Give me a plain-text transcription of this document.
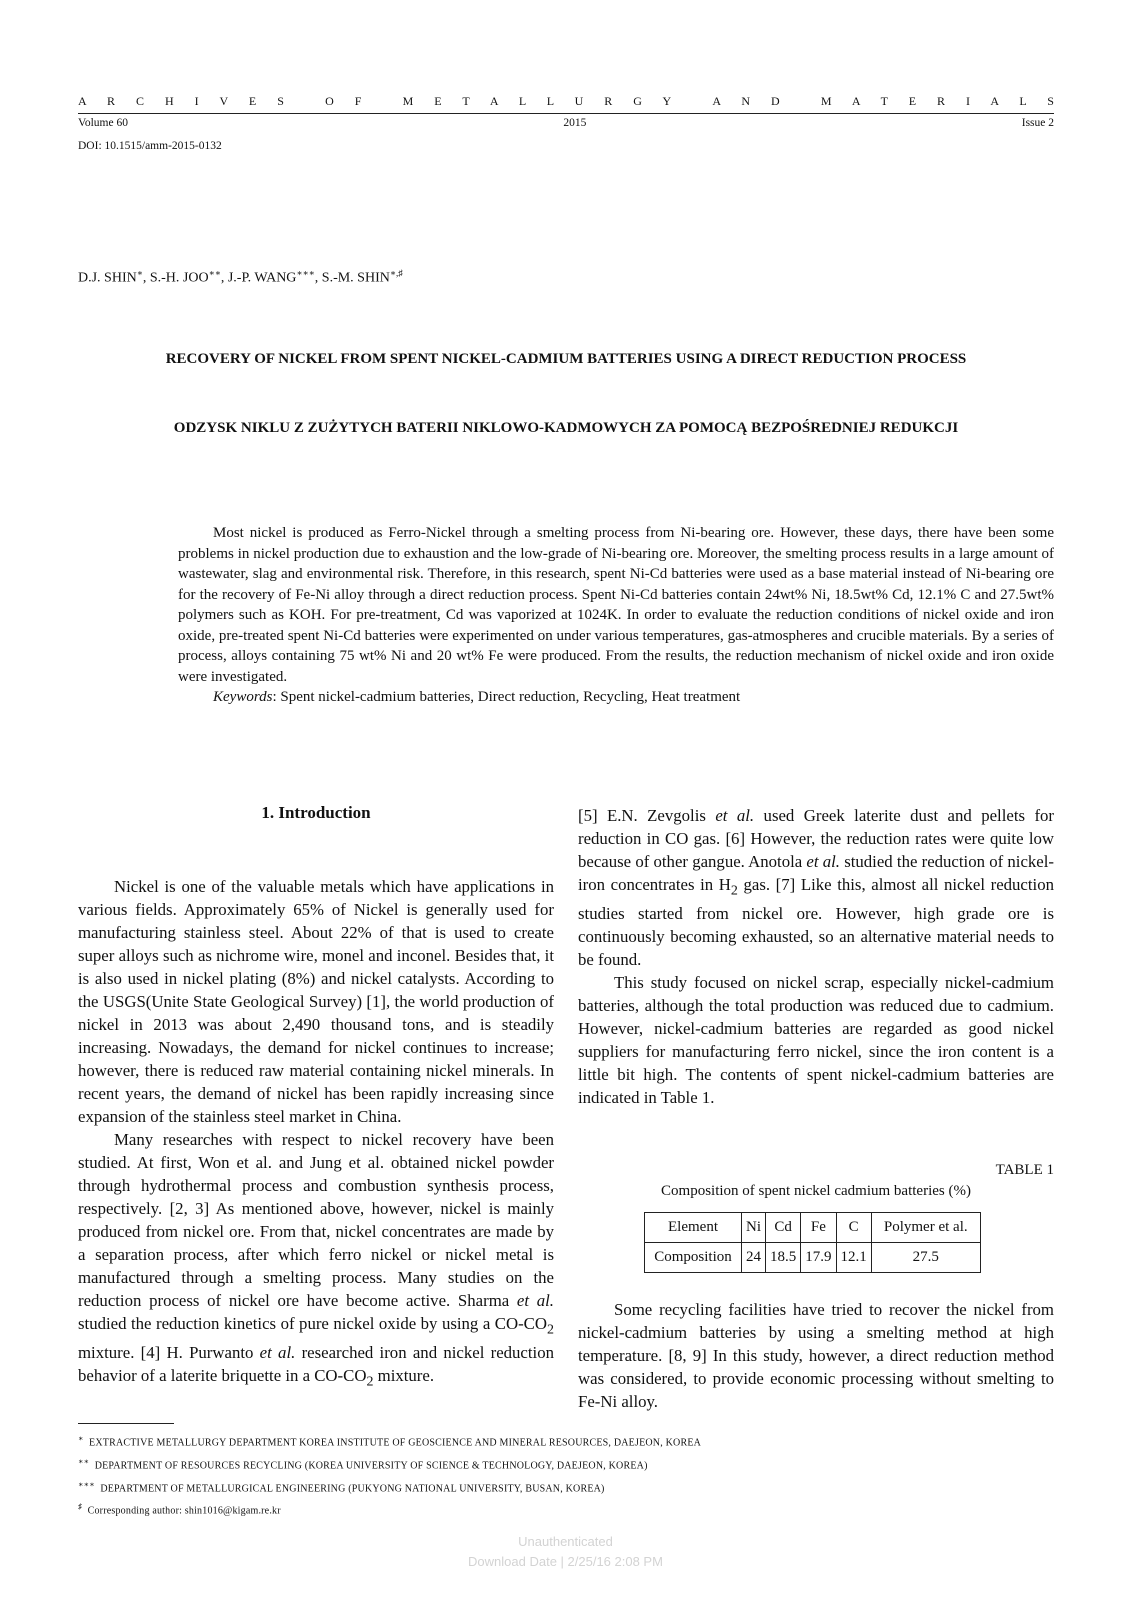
A R C H I V E S	O F	M E T A L L U R G Y	A N D	M A T E R I A L S
Volume 60	2015	Issue 2
DOI: 10.1515/amm-2015-0132
D.J. SHIN∗, S.-H. JOO∗∗, J.-P. WANG∗∗∗, S.-M. SHIN∗,♯
RECOVERY OF NICKEL FROM SPENT NICKEL-CADMIUM BATTERIES USING A DIRECT REDUCTION PROCESS
ODZYSK NIKLU Z ZUŻYTYCH BATERII NIKLOWO-KADMOWYCH ZA POMOCĄ BEZPOŚREDNIEJ REDUKCJI

Most nickel is produced as Ferro-Nickel through a smelting process from Ni-bearing ore. However, these days, there have been some problems in nickel production due to exhaustion and the low-grade of Ni-bearing ore. Moreover, the smelting process results in a large amount of wastewater, slag and environmental risk. Therefore, in this research, spent Ni-Cd batteries were used as a base material instead of Ni-bearing ore for the recovery of Fe-Ni alloy through a direct reduction process. Spent Ni-Cd batteries contain 24wt% Ni, 18.5wt% Cd, 12.1% C and 27.5wt% polymers such as KOH. For pre-treatment, Cd was vaporized at 1024K. In order to evaluate the reduction conditions of nickel oxide and iron oxide, pre-treated spent Ni-Cd batteries were experimented on under various temperatures, gas-atmospheres and crucible materials. By a series of process, alloys containing 75 wt% Ni and 20 wt% Fe were produced. From the results, the reduction mechanism of nickel oxide and iron oxide were investigated.

Keywords: Spent nickel-cadmium batteries, Direct reduction, Recycling, Heat treatment

1. Introduction

Nickel is one of the valuable metals which have applications in various fields. Approximately 65% of Nickel is generally used for manufacturing stainless steel. About 22% of that is used to create super alloys such as nichrome wire, monel and inconel. Besides that, it is also used in nickel plating (8%) and nickel catalysts. According to the USGS(Unite State Geological Survey) [1], the world production of nickel in 2013 was about 2,490 thousand tons, and is steadily increasing. Nowadays, the demand for nickel continues to increase; however, there is reduced raw material containing nickel minerals. In recent years, the demand of nickel has been rapidly increasing since expansion of the stainless steel market in China.

Many researches with respect to nickel recovery have been studied. At first, Won et al. and Jung et al. obtained nickel powder through hydrothermal process and combustion synthesis process, respectively. [2, 3] As mentioned above, however, nickel is mainly produced from nickel ore. From that, nickel concentrates are made by a separation process, after which ferro nickel or nickel metal is manufactured through a smelting process. Many studies on the reduction process of nickel ore have become active. Sharma et al. studied the reduction kinetics of pure nickel oxide by using a $CO-CO_2$ mixture. [4] H. Purwanto et al. researched iron and nickel reduction behavior of a laterite briquette in a $CO-CO_2$ mixture.

[5] E.N. Zevgolis et al. used Greek laterite dust and pellets for reduction in CO gas. [6] However, the reduction rates were quite low because of other gangue. Anotola et al. studied the reduction of nickel-iron concentrates in $H_2$ gas. [7] Like this, almost all nickel reduction studies started from nickel ore. However, high grade ore is continuously becoming exhausted, so an alternative material needs to be found.

This study focused on nickel scrap, especially nickel-cadmium batteries, although the total production was reduced due to cadmium. However, nickel-cadmium batteries are regarded as good nickel suppliers for manufacturing ferro nickel, since the iron content is a little bit high. The contents of spent nickel-cadmium batteries are indicated in Table 1.

TABLE 1
Composition of spent nickel cadmium batteries (%)
Element	Ni	Cd	Fe	C	Polymer et al.
Composition	24	18.5	17.9	12.1	27.5

Some recycling facilities have tried to recover the nickel from nickel-cadmium batteries by using a smelting method at high temperature. [8, 9] In this study, however, a direct reduction method was considered, to provide economic processing without smelting to Fe-Ni alloy.

∗ EXTRACTIVE METALLURGY DEPARTMENT KOREA INSTITUTE OF GEOSCIENCE AND MINERAL RESOURCES, DAEJEON, KOREA
∗∗ DEPARTMENT OF RESOURCES RECYCLING (KOREA UNIVERSITY OF SCIENCE & TECHNOLOGY, DAEJEON, KOREA)
∗∗∗ DEPARTMENT OF METALLURGICAL ENGINEERING (PUKYONG NATIONAL UNIVERSITY, BUSAN, KOREA)
♯ Corresponding author: shin1016@kigam.re.kr
Unauthenticated
Download Date | 2/25/16 2:08 PM
